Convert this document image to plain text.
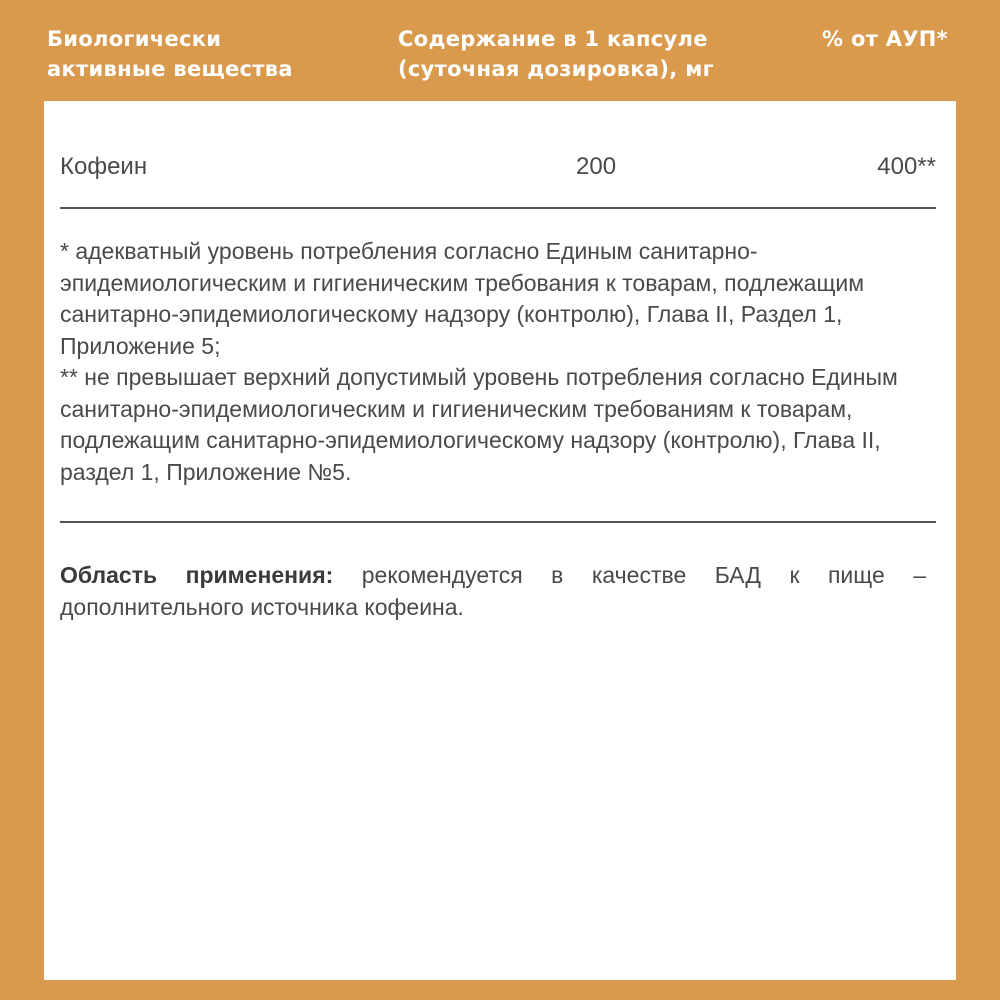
Биологически
активные вещества
Содержание в 1 капсуле
(суточная дозировка), мг
% от АУП*
Кофеин	200	400**

* адекватный уровень потребления согласно Единым санитарно-эпидемиологическим и гигиеническим требования к товарам, подлежащим санитарно-эпидемиологическому надзору (контролю), Глава II, Раздел 1, Приложение 5;

** не превышает верхний допустимый уровень потребления согласно Единым санитарно-эпидемиологическим и гигиеническим требованиям к товарам, подлежащим санитарно-эпидемиологическому надзору (контролю), Глава II, раздел 1, Приложение №5.

Область применения: рекомендуется в качестве БАД к пище – дополнительного источника кофеина.
